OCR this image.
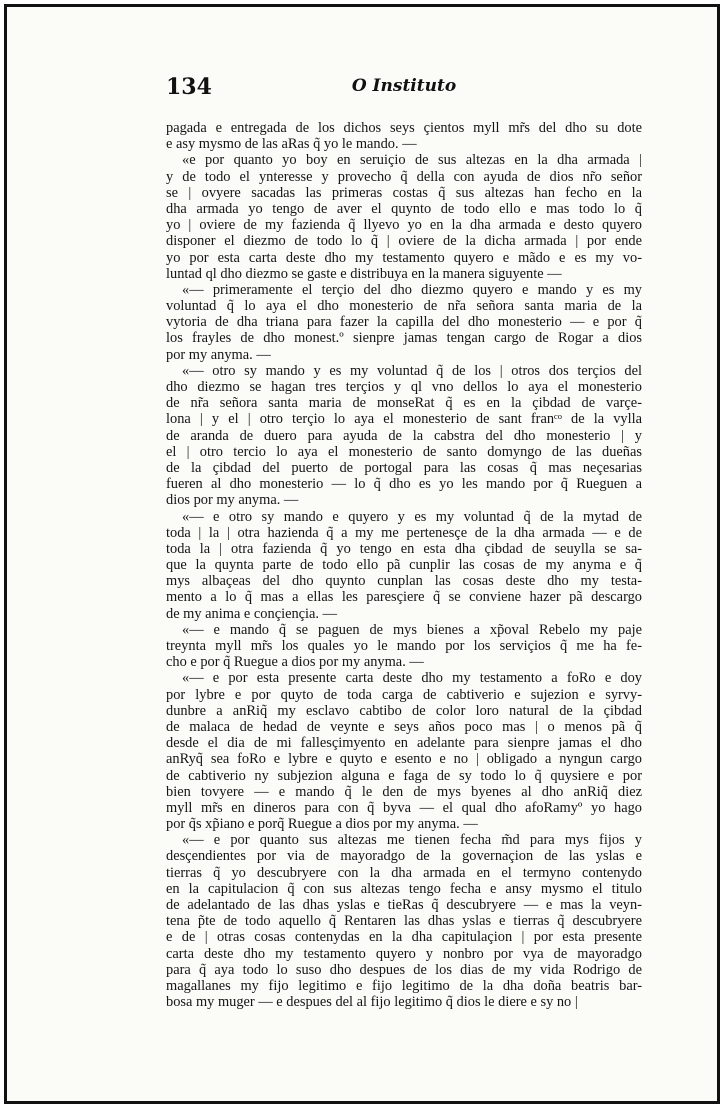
134	O Instituto
pagada e entregada de los dichos seys çientos myll mr̃s del dho su dote
e asy mysmo de las aRas q̃ yo le mando. —
«e por quanto yo boy en seruiçio de sus altezas en la dha armada |
y de todo el ynteresse y provecho q̃ della con ayuda de dios nr̃o señor
se | ovyere sacadas las primeras costas q̃ sus altezas han fecho en la
dha armada yo tengo de aver el quynto de todo ello e mas todo lo q̃
yo | oviere de my fazienda q̃ llyevo yo en la dha armada e desto quyero
disponer el diezmo de todo lo q̃ | oviere de la dicha armada | por ende
yo por esta carta deste dho my testamento quyero e mãdo e es my vo-
luntad ql dho diezmo se gaste e distribuya en la manera siguyente —
«— primeramente el terçio del dho diezmo quyero e mando y es my
voluntad q̃ lo aya el dho monesterio de nr̃a señora santa maria de la
vytoria de dha triana para fazer la capilla del dho monesterio — e por q̃
los frayles de dho monest.º sienpre jamas tengan cargo de Rogar a dios
por my anyma. —
«— otro sy mando y es my voluntad q̃ de los | otros dos terçios del
dho diezmo se hagan tres terçios y ql vno dellos lo aya el monesterio
de nr̃a señora santa maria de monseRat q̃ es en la çibdad de varçe-
lona | y el | otro terçio lo aya el monesterio de sant franᶜᵒ de la vylla
de aranda de duero para ayuda de la cabstra del dho monesterio | y
el | otro tercio lo aya el monesterio de santo domyngo de las dueñas
de la çibdad del puerto de portogal para las cosas q̃ mas neçesarias
fueren al dho monesterio — lo q̃ dho es yo les mando por q̃ Rueguen a
dios por my anyma. —
«— e otro sy mando e quyero y es my voluntad q̃ de la mytad de
toda | la | otra hazienda q̃ a my me pertenesçe de la dha armada — e de
toda la | otra fazienda q̃ yo tengo en esta dha çibdad de seuylla se sa-
que la quynta parte de todo ello pã cunplir las cosas de my anyma e q̃
mys albaçeas del dho quynto cunplan las cosas deste dho my testa-
mento a lo q̃ mas a ellas les paresçiere q̃ se conviene hazer pã descargo
de my anima e conçiençia. —
«— e mando q̃ se paguen de mys bienes a xp̃oval Rebelo my paje
treynta myll mr̃s los quales yo le mando por los serviçios q̃ me ha fe-
cho e por q̃ Ruegue a dios por my anyma. —
«— e por esta presente carta deste dho my testamento a foRo e doy
por lybre e por quyto de toda carga de cabtiverio e sujezion e syrvy-
dunbre a anRiq̃ my esclavo cabtibo de color loro natural de la çibdad
de malaca de hedad de veynte e seys años poco mas | o menos pã q̃
desde el dia de mi fallesçimyento en adelante para sienpre jamas el dho
anRyq̃ sea foRo e lybre e quyto e esento e no | obligado a nyngun cargo
de cabtiverio ny subjezion alguna e faga de sy todo lo q̃ quysiere e por
bien tovyere — e mando q̃ le den de mys byenes al dho anRiq̃ diez
myll mr̃s en dineros para con q̃ byva — el qual dho afoRamyº yo hago
por q̃s xp̃iano e porq̃ Ruegue a dios por my anyma. —
«— e por quanto sus altezas me tienen fecha m̃d para mys fijos y
desçendientes por via de mayoradgo de la governaçion de las yslas e
tierras q̃ yo descubryere con la dha armada en el termyno contenydo
en la capitulacion q̃ con sus altezas tengo fecha e ansy mysmo el titulo
de adelantado de las dhas yslas e tieRas q̃ descubryere — e mas la veyn-
tena p̃te de todo aquello q̃ Rentaren las dhas yslas e tierras q̃ descubryere
e de | otras cosas contenydas en la dha capitulaçion | por esta presente
carta deste dho my testamento quyero y nonbro por vya de mayoradgo
para q̃ aya todo lo suso dho despues de los dias de my vida Rodrigo de
magallanes my fijo legitimo e fijo legitimo de la dha doña beatris bar-
bosa my muger — e despues del al fijo legitimo q̃ dios le diere e sy no |
